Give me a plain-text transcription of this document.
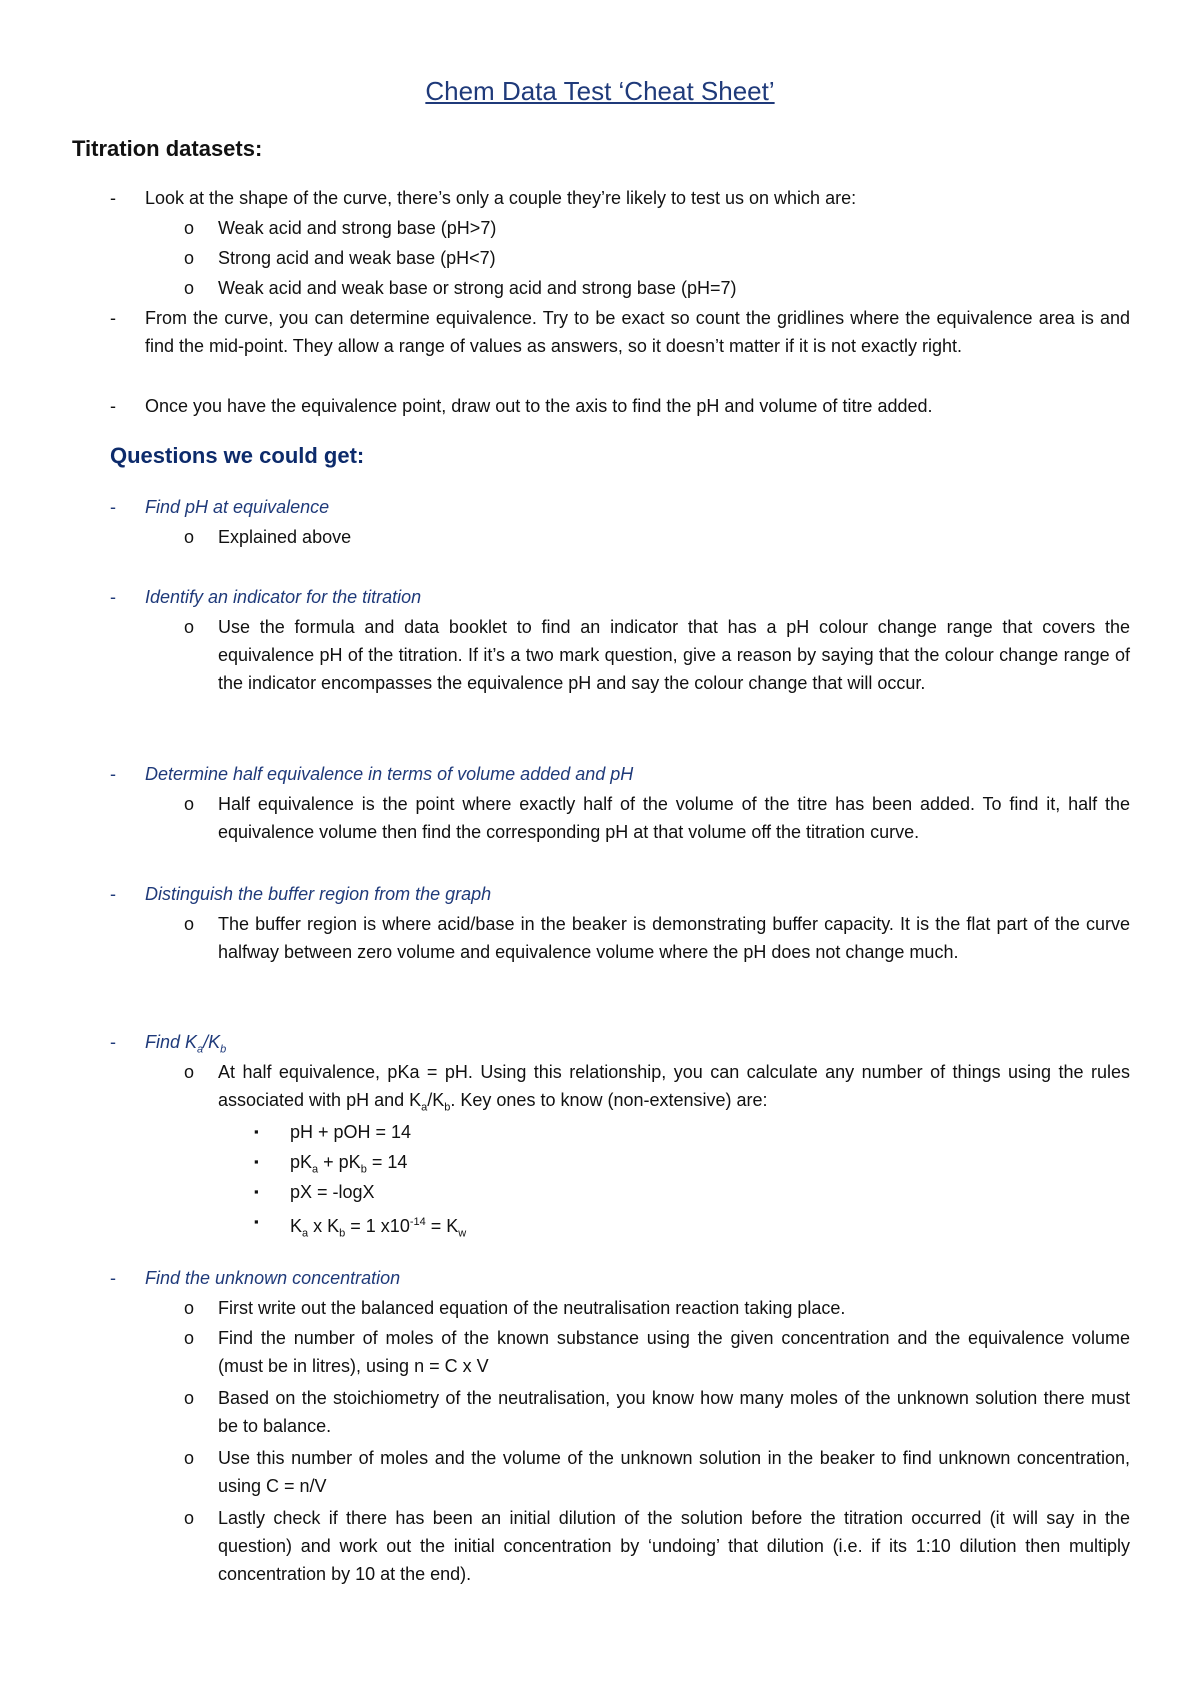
Chem Data Test ‘Cheat Sheet’
Titration datasets:
-	Look at the shape of the curve, there’s only a couple they’re likely to test us on which are:
o	Weak acid and strong base (pH>7)
o	Strong acid and weak base (pH<7)
o	Weak acid and weak base or strong acid and strong base (pH=7)
-	From the curve, you can determine equivalence. Try to be exact so count the gridlines where the equivalence area is and find the mid-point. They allow a range of values as answers, so it doesn’t matter if it is not exactly right.
-	Once you have the equivalence point, draw out to the axis to find the pH and volume of titre added.
Questions we could get:
-	Find pH at equivalence
o	Explained above
-	Identify an indicator for the titration
o	Use the formula and data booklet to find an indicator that has a pH colour change range that covers the equivalence pH of the titration. If it’s a two mark question, give a reason by saying that the colour change range of the indicator encompasses the equivalence pH and say the colour change that will occur.
-	Determine half equivalence in terms of volume added and pH
o	Half equivalence is the point where exactly half of the volume of the titre has been added. To find it, half the equivalence volume then find the corresponding pH at that volume off the titration curve.
-	Distinguish the buffer region from the graph
o	The buffer region is where acid/base in the beaker is demonstrating buffer capacity. It is the flat part of the curve halfway between zero volume and equivalence volume where the pH does not change much.
-	Find $K_a/K_b$
o	At half equivalence, pKa = pH. Using this relationship, you can calculate any number of things using the rules associated with pH and $K_a/K_b$. Key ones to know (non-extensive) are:
▪	pH + pOH = 14
▪	$pK_a + pK_b = 14$
▪	pX = -logX
▪	$K_a$ x $K_b = 1$ $x10^{-14} = K_w$
-	Find the unknown concentration
o	First write out the balanced equation of the neutralisation reaction taking place.
o	Find the number of moles of the known substance using the given concentration and the equivalence volume (must be in litres), using n = C x V
o	Based on the stoichiometry of the neutralisation, you know how many moles of the unknown solution there must be to balance.
o	Use this number of moles and the volume of the unknown solution in the beaker to find unknown concentration, using C = n/V
o	Lastly check if there has been an initial dilution of the solution before the titration occurred (it will say in the question) and work out the initial concentration by ‘undoing’ that dilution (i.e. if its 1:10 dilution then multiply concentration by 10 at the end).
